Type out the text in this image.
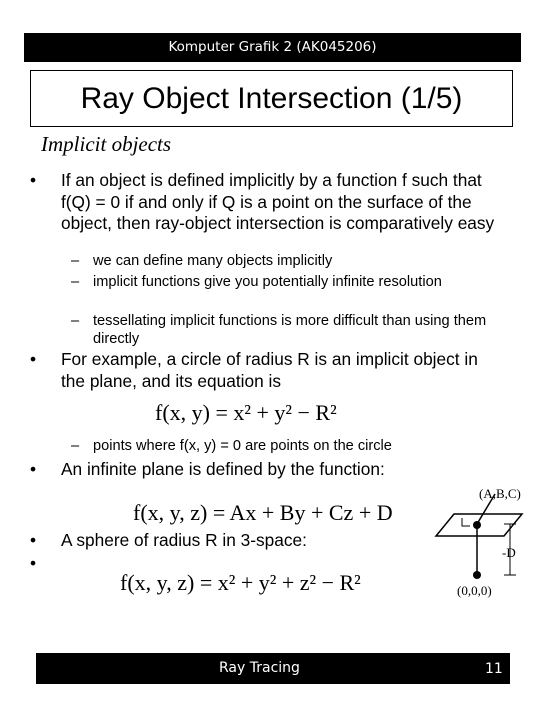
Komputer Grafik 2 (AK045206)
Ray Object Intersection (1/5)
Implicit objects
• If an object is defined implicitly by a function f such that f(Q) = 0 if and only if Q is a point on the surface of the object, then ray-object intersection is comparatively easy
– we can define many objects implicitly
– implicit functions give you potentially infinite resolution
– tessellating implicit functions is more difficult than using them directly
• For example, a circle of radius R is an implicit object in the plane, and its equation is
f(x, y) = x² + y² − R²
– points where f(x, y) = 0 are points on the circle
• An infinite plane is defined by the function:
f(x, y, z) = Ax + By + Cz + D
• A sphere of radius R in 3-space:
•
f(x, y, z) = x² + y² + z² − R²
(A,B,C)
-D
(0,0,0)
Ray Tracing	11
